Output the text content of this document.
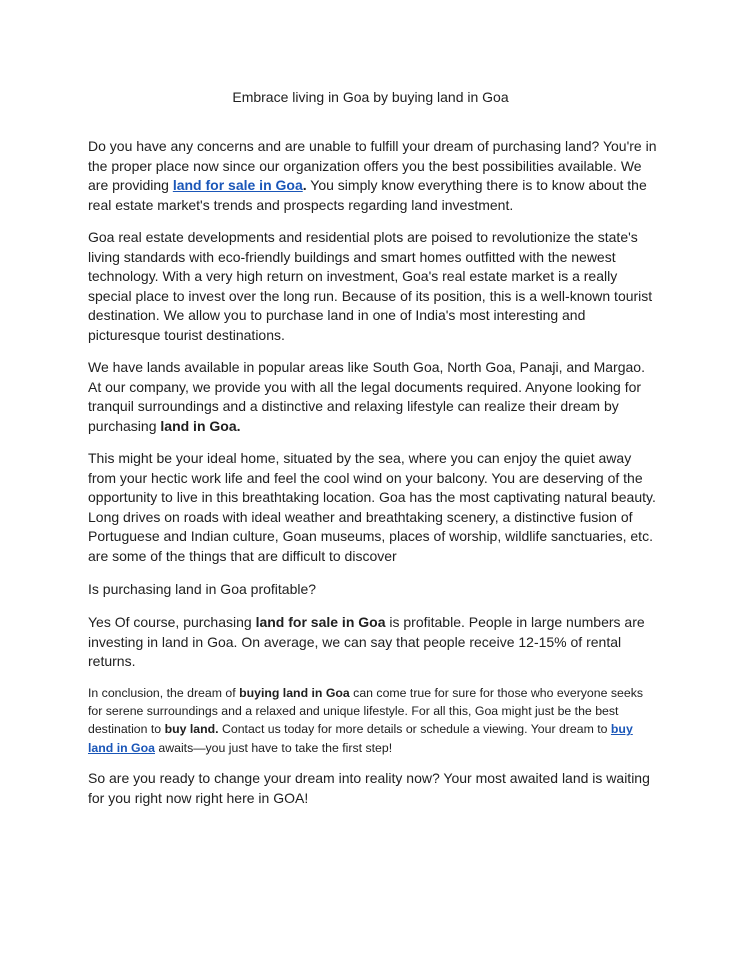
Embrace living in Goa by buying land in Goa

Do you have any concerns and are unable to fulfill your dream of purchasing land? You're in the proper place now since our organization offers you the best possibilities available. We are providing land for sale in Goa. You simply know everything there is to know about the real estate market's trends and prospects regarding land investment.

Goa real estate developments and residential plots are poised to revolutionize the state's living standards with eco-friendly buildings and smart homes outfitted with the newest technology. With a very high return on investment, Goa's real estate market is a really special place to invest over the long run. Because of its position, this is a well-known tourist destination. We allow you to purchase land in one of India's most interesting and picturesque tourist destinations.

We have lands available in popular areas like South Goa, North Goa, Panaji, and Margao. At our company, we provide you with all the legal documents required. Anyone looking for tranquil surroundings and a distinctive and relaxing lifestyle can realize their dream by purchasing land in Goa.

This might be your ideal home, situated by the sea, where you can enjoy the quiet away from your hectic work life and feel the cool wind on your balcony. You are deserving of the opportunity to live in this breathtaking location. Goa has the most captivating natural beauty. Long drives on roads with ideal weather and breathtaking scenery, a distinctive fusion of Portuguese and Indian culture, Goan museums, places of worship, wildlife sanctuaries, etc. are some of the things that are difficult to discover

Is purchasing land in Goa profitable?

Yes Of course, purchasing land for sale in Goa is profitable. People in large numbers are investing in land in Goa. On average, we can say that people receive 12-15% of rental returns.

In conclusion, the dream of buying land in Goa can come true for sure for those who everyone seeks for serene surroundings and a relaxed and unique lifestyle. For all this, Goa might just be the best destination to buy land. Contact us today for more details or schedule a viewing. Your dream to buy land in Goa awaits—you just have to take the first step!

So are you ready to change your dream into reality now? Your most awaited land is waiting for you right now right here in GOA!
